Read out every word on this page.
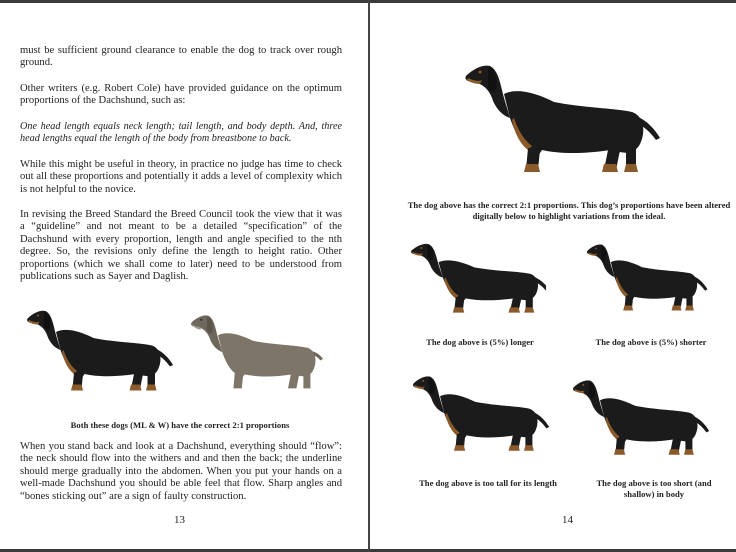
must be sufficient ground clearance to enable the dog to track over rough ground.

Other writers (e.g. Robert Cole) have provided guidance on the optimum proportions of the Dachshund, such as:

One head length equals neck length; tail length, and body depth. And, three head lengths equal the length of the body from breastbone to back.

While this might be useful in theory, in practice no judge has time to check out all these proportions and potentially it adds a level of complexity which is not helpful to the novice.

In revising the Breed Standard the Breed Council took the view that it was a “guideline” and not meant to be a detailed “specification” of the Dachshund with every proportion, length and angle specified to the nth degree. So, the revisions only define the length to height ratio. Other proportions (which we shall come to later) need to be understood from publications such as Sayer and Daglish.

Both these dogs (ML & W) have the correct 2:1 proportions

When you stand back and look at a Dachshund, everything should “flow”: the neck should flow into the withers and and then the back; the underline should merge gradually into the abdomen. When you put your hands on a well-made Dachshund you should be able feel that flow. Sharp angles and “bones sticking out” are a sign of faulty construction.

13

The dog above has the correct 2:1 proportions. This dog’s proportions have been altered digitally below to highlight variations from the ideal.

The dog above is (5%) longer	The dog above is (5%) shorter

The dog above is too tall for its length	The dog above is too short (and shallow) in body

14
